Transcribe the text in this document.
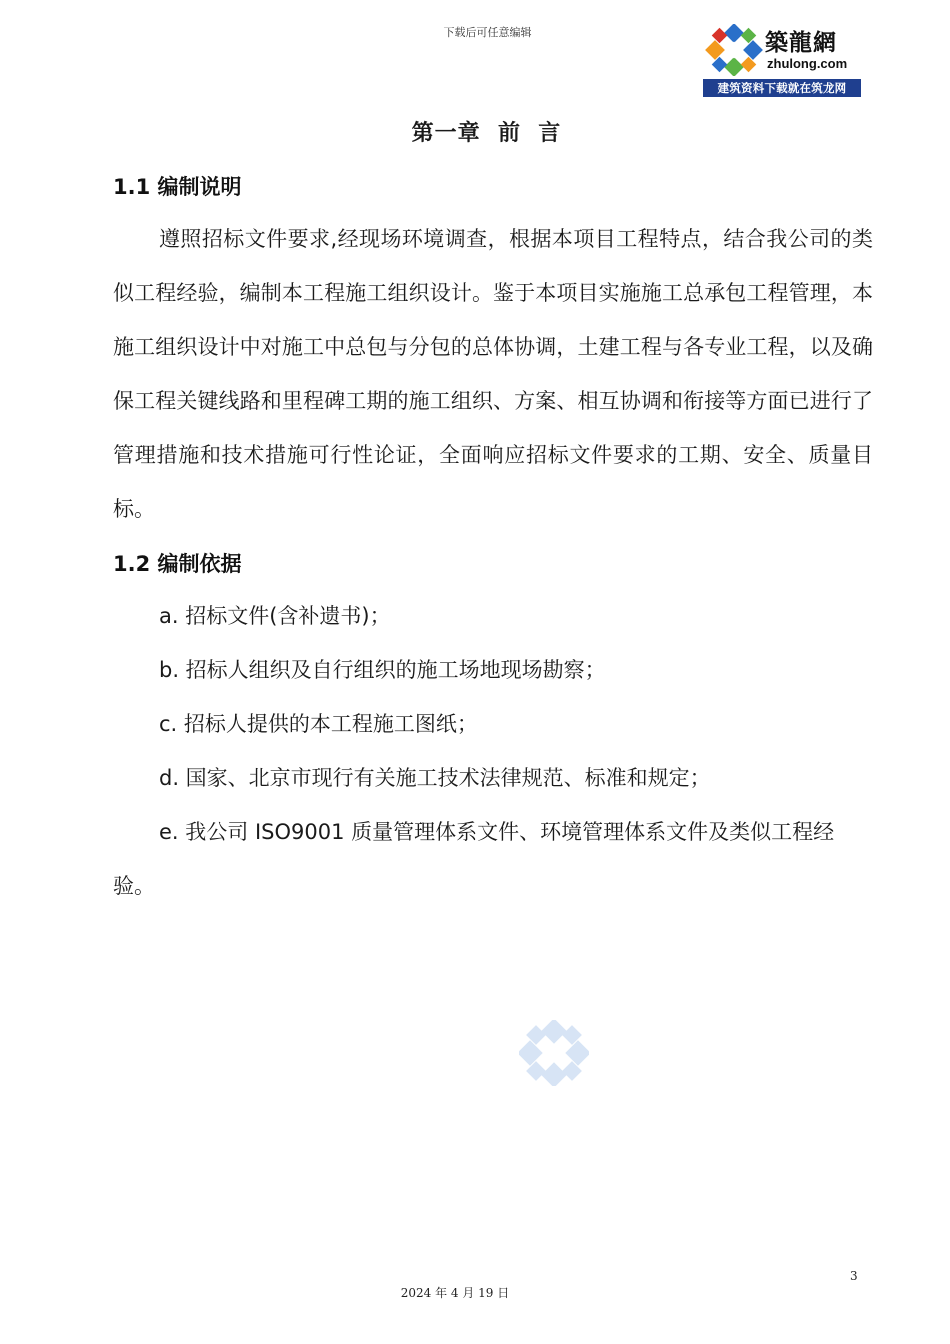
下载后可任意编辑	築龍網
zhulong.com
建筑资料下载就在筑龙网
第一章  前  言
1.1 编制说明
遵照招标文件要求,经现场环境调查，根据本项目工程特点，结合我公司的类似工程经验，编制本工程施工组织设计。鉴于本项目实施施工总承包工程管理，本施工组织设计中对施工中总包与分包的总体协调，土建工程与各专业工程，以及确保工程关键线路和里程碑工期的施工组织、方案、相互协调和衔接等方面已进行了管理措施和技术措施可行性论证，全面响应招标文件要求的工期、安全、质量目标。
1.2 编制依据
a. 招标文件(含补遗书)；
b. 招标人组织及自行组织的施工场地现场勘察；
c. 招标人提供的本工程施工图纸；
d. 国家、北京市现行有关施工技术法律规范、标准和规定；
e. 我公司 ISO9001 质量管理体系文件、环境管理体系文件及类似工程经验。
3
2024 年 4 月 19 日
